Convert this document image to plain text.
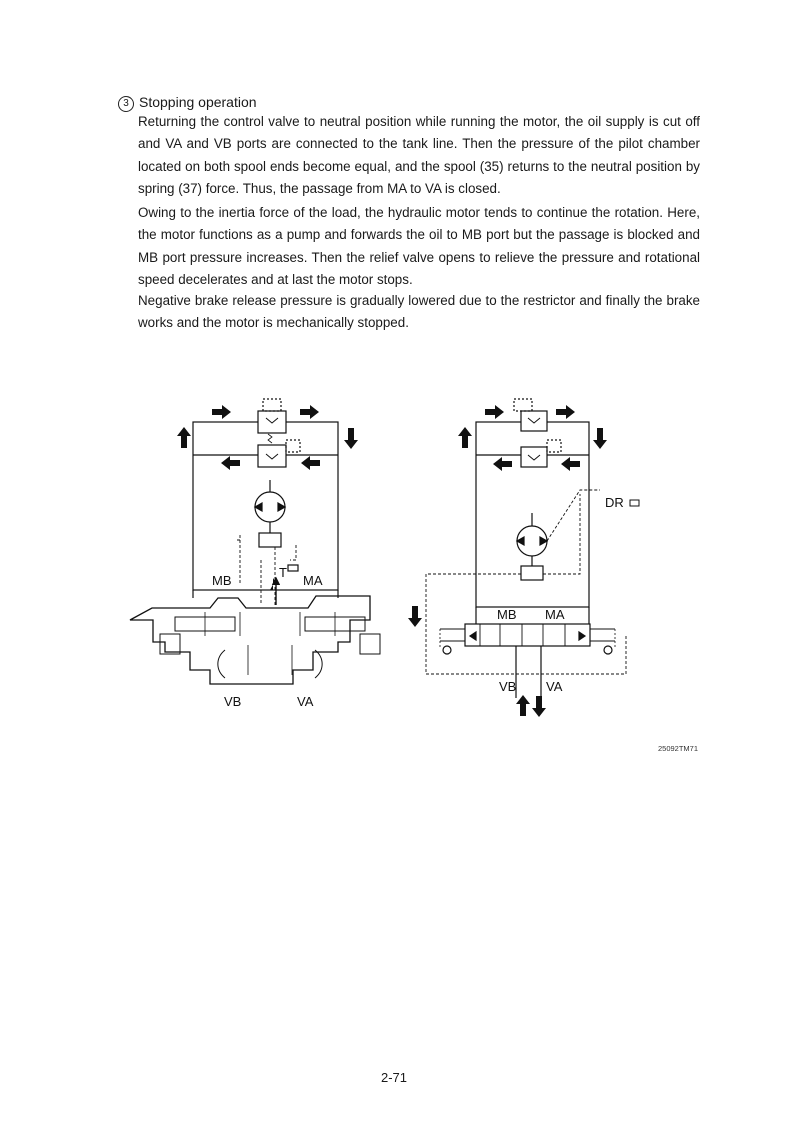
3 Stopping operation

Returning the control valve to neutral position while running the motor, the oil supply is cut off and VA and VB ports are connected to the tank line. Then the pressure of the pilot chamber located on both spool ends become equal, and the spool (35) returns to the neutral position by spring (37) force. Thus, the passage from MA to VA is closed.

Owing to the inertia force of the load, the hydraulic motor tends to continue the rotation. Here, the motor functions as a pump and forwards the oil to MB port but the passage is blocked and MB port pressure increases. Then the relief valve opens to relieve the pressure and rotational speed decelerates and at last the motor stops.

Negative brake release pressure is gradually lowered due to the restrictor and finally the brake works and the motor is mechanically stopped.

MB	MA
T
VB	VA
DR
MB MA
VB VA
25092TM71
2-71
